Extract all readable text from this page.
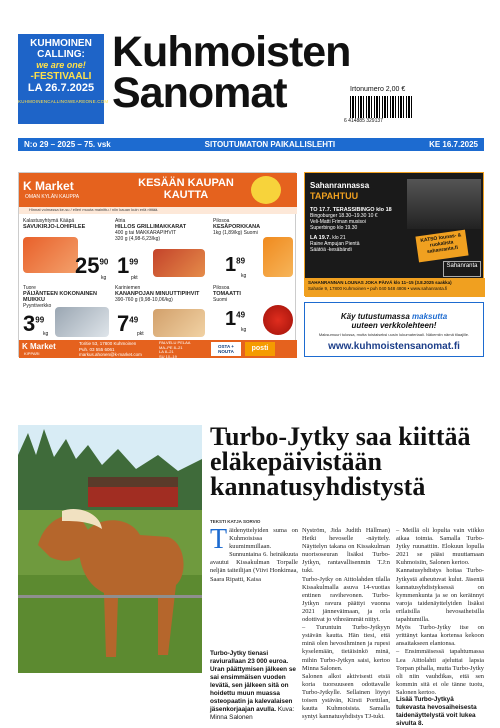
KUHMOINEN
CALLING:
we are one!
-FESTIVAALI
LA 26.7.2025
KUHMOINENCALLINGWEAREONE.COM
Kuhmoisten
Sanomat	Irtonumero 2,00 €
6 414885 329137
N:o 29 – 2025 – 75. vsk	SITOUTUMATON PAIKALLISLEHTI	KE 16.7.2025
K Market
OMAN KYLÄN KAUPPA
KESÄÄN KAUPAN KAUTTA
Hinnat voimassa ke-su / elleri muuta mainittu / niin kauan kuin eriä riittää.
Kalastusyhtymä Kääpä
SAVUKIRJO-LOHIFILEE
$25^{90}$
kg
Atria
HILLOS GRILLIMAKKARAT
400 g tai MAKKARAPIHVIT
320 g (4,98-6,23/kg)
$1^{99}$
pkt
Pilosoa
KESÄPORKKANA
1kg (1,89/kg) Suomi
$1^{89}$
kg
Tuore
PÄIJÄNTEEN KOKONAINEN MUIKKU
Pyyntiverkko
$3^{99}$
kg
Kariniemen
KANANPOJAN MINUUTTIPIHVIT
390-760 g (9,98-10,06/kg)
$7^{49}$
pkt
Pilosoa
TOMAATTI
Suomi
$1^{49}$
kg
K Market
KIPPARI
Toritie 53, 17800 Kuhmoinen
Puh. 03 555 6061
markus.ahonen@k-market.com
PALVELU PELAA
MA–PE 8–21
LA 8–21
SU 10–19
OSTA + NOUTA	posti
Sahanrannassa
TAPAHTUU
TO 17.7. TERASSIBINGO klo 18
Bingoburger 18.30–19.30 10 €
Veli-Matti Friman musisoi
Superbingo klo 19.30
LA 19.7. klo 21
Raine Ampujan Pientä
Säätöä -kesäbändi
KATSO lounas- & ruokalista sahanranta.fi
Sahanranta
SAHANRANNAN LOUNAS JOKA PÄIVÄ klo 11–15 (3.8.2025 saakka)
Sahatie 9, 17800 Kuhmoinen • puh 040 548 4806 • www.sahanranta.fi
Käy tutustumassa maksutta
uuteen verkkolehteen!
Maksumuuri tulossa, mutta toistaiseksi uusin lukumateriaali. Näkemiin nämä tilaajille.
www.kuhmoistensanomat.fi
Turbo-Jytky saa kiittää eläkepäivistään kannatusyhdistystä
TEKSTI KATJA SORVIO
T äidenyttelyiden suma on Kuhmoisissa kuumimmillaan. Sunnuntaina 6. heinäkuuta avautui Kissakulman Torpalle neljän taiteilijan (Viivi Honkimaa, Saara Ripatti, Kaisa
Nyström, Jida Judith Hällman) Hetki hevoselle -näyttely. Näyttelyn takana on Kissakulman nuorisoseuran lisäksi Turbo-Jytkyn, rantavallisenmin T.J:n tuki.
Turbo-Jytky on Aittolahden tilalla Kissakulmalla asuva 14-vuotias entinen ravihevonen. Turbo-Jytkyn ravura päättyi vuonna 2021 jänneväimaan, ja orla odottivat jo vihreämmät niityt.
– Turuntuin Turbo-Jytkyyn ystävän kautta. Hän tiesi, että minä olen hevosihminen ja rupesi kyselemään, tietäisinkö minä, mihin Turbo-Jytkyn saisi, kertoo Minna Salonen.
Salonen alkoi aktivisesti etsiä koria tuorsuuseen odottavalle Turbo-Jytkylle. Sellainen löytyi toisen ystävän, Kirsti Porttilan, kautta Kuhmoisista. Samalla syntyi kannatusyhdistys TJ-tuki.
– Meillä oli lopulta vain viikko aikaa toimia. Samalla Turbo-Jytky ruunattiin. Elokuun lopulla 2021 se pääsi muuttamaan Kuhmoisiin, Salonen kertoo.
Kannatusyhdistys hoitaa Turbo-Jytkystä aiheutuvat kulut. Jäseniä kannatusyhdistyksessä on kymmenkunta ja se on keräinnyt varoja taidenäyttelyiden lisäksi erilaisilla hevosaiheisilla tapahtumilla.
Myös Turbo-Jytky itse on yrittänyt kantaa kortensa kekoon ansaitakseen elantonsa.
– Ensimmäisessä tapahtumassa Lea Aittolahti ajeluttai lapsia Torpan pihalla, mutta Turbo-Jytky oli niin vauhdikas, että sen kommin sitä ei ole tänne tuotu, Salonen kertoo.
Turbo-Jytky tienasi raviurallaan 23 000 euroa. Uran päättymisen jälkeen se sai ensimmäisen vuoden levätä, sen jälkeen sitä on hoidettu muun muassa osteopaatin ja kalevalaisen jäsenkorjaajan avulla. Kuva: Minna Salonen
Lisää Turbo-Jytkyä tukevasta hevosaiheisesta taidenäyttelystä voit lukea sivulta 8.
